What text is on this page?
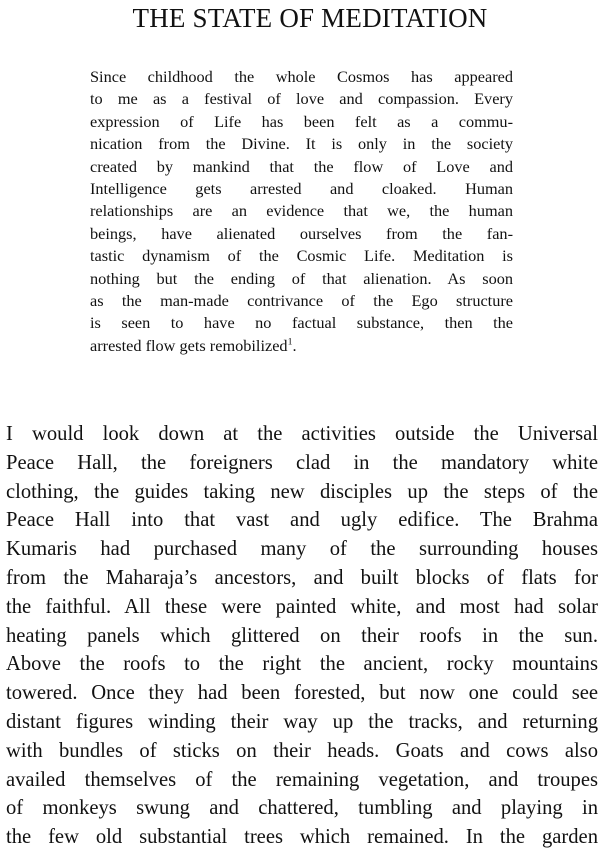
THE STATE OF MEDITATION
Since childhood the whole Cosmos has appeared
to me as a festival of love and compassion. Every
expression of Life has been felt as a commu-
nication from the Divine. It is only in the society
created by mankind that the flow of Love and
Intelligence gets arrested and cloaked. Human
relationships are an evidence that we, the human
beings, have alienated ourselves from the fan-
tastic dynamism of the Cosmic Life. Meditation is
nothing but the ending of that alienation. As soon
as the man-made contrivance of the Ego structure
is seen to have no factual substance, then the
arrested flow gets remobilized$^1$.
I would look down at the activities outside the Universal
Peace Hall, the foreigners clad in the mandatory white
clothing, the guides taking new disciples up the steps of the
Peace Hall into that vast and ugly edifice. The Brahma
Kumaris had purchased many of the surrounding houses
from the Maharaja’s ancestors, and built blocks of flats for
the faithful. All these were painted white, and most had solar
heating panels which glittered on their roofs in the sun.
Above the roofs to the right the ancient, rocky mountains
towered. Once they had been forested, but now one could see
distant figures winding their way up the tracks, and returning
with bundles of sticks on their heads. Goats and cows also
availed themselves of the remaining vegetation, and troupes
of monkeys swung and chattered, tumbling and playing in
the few old substantial trees which remained. In the garden
